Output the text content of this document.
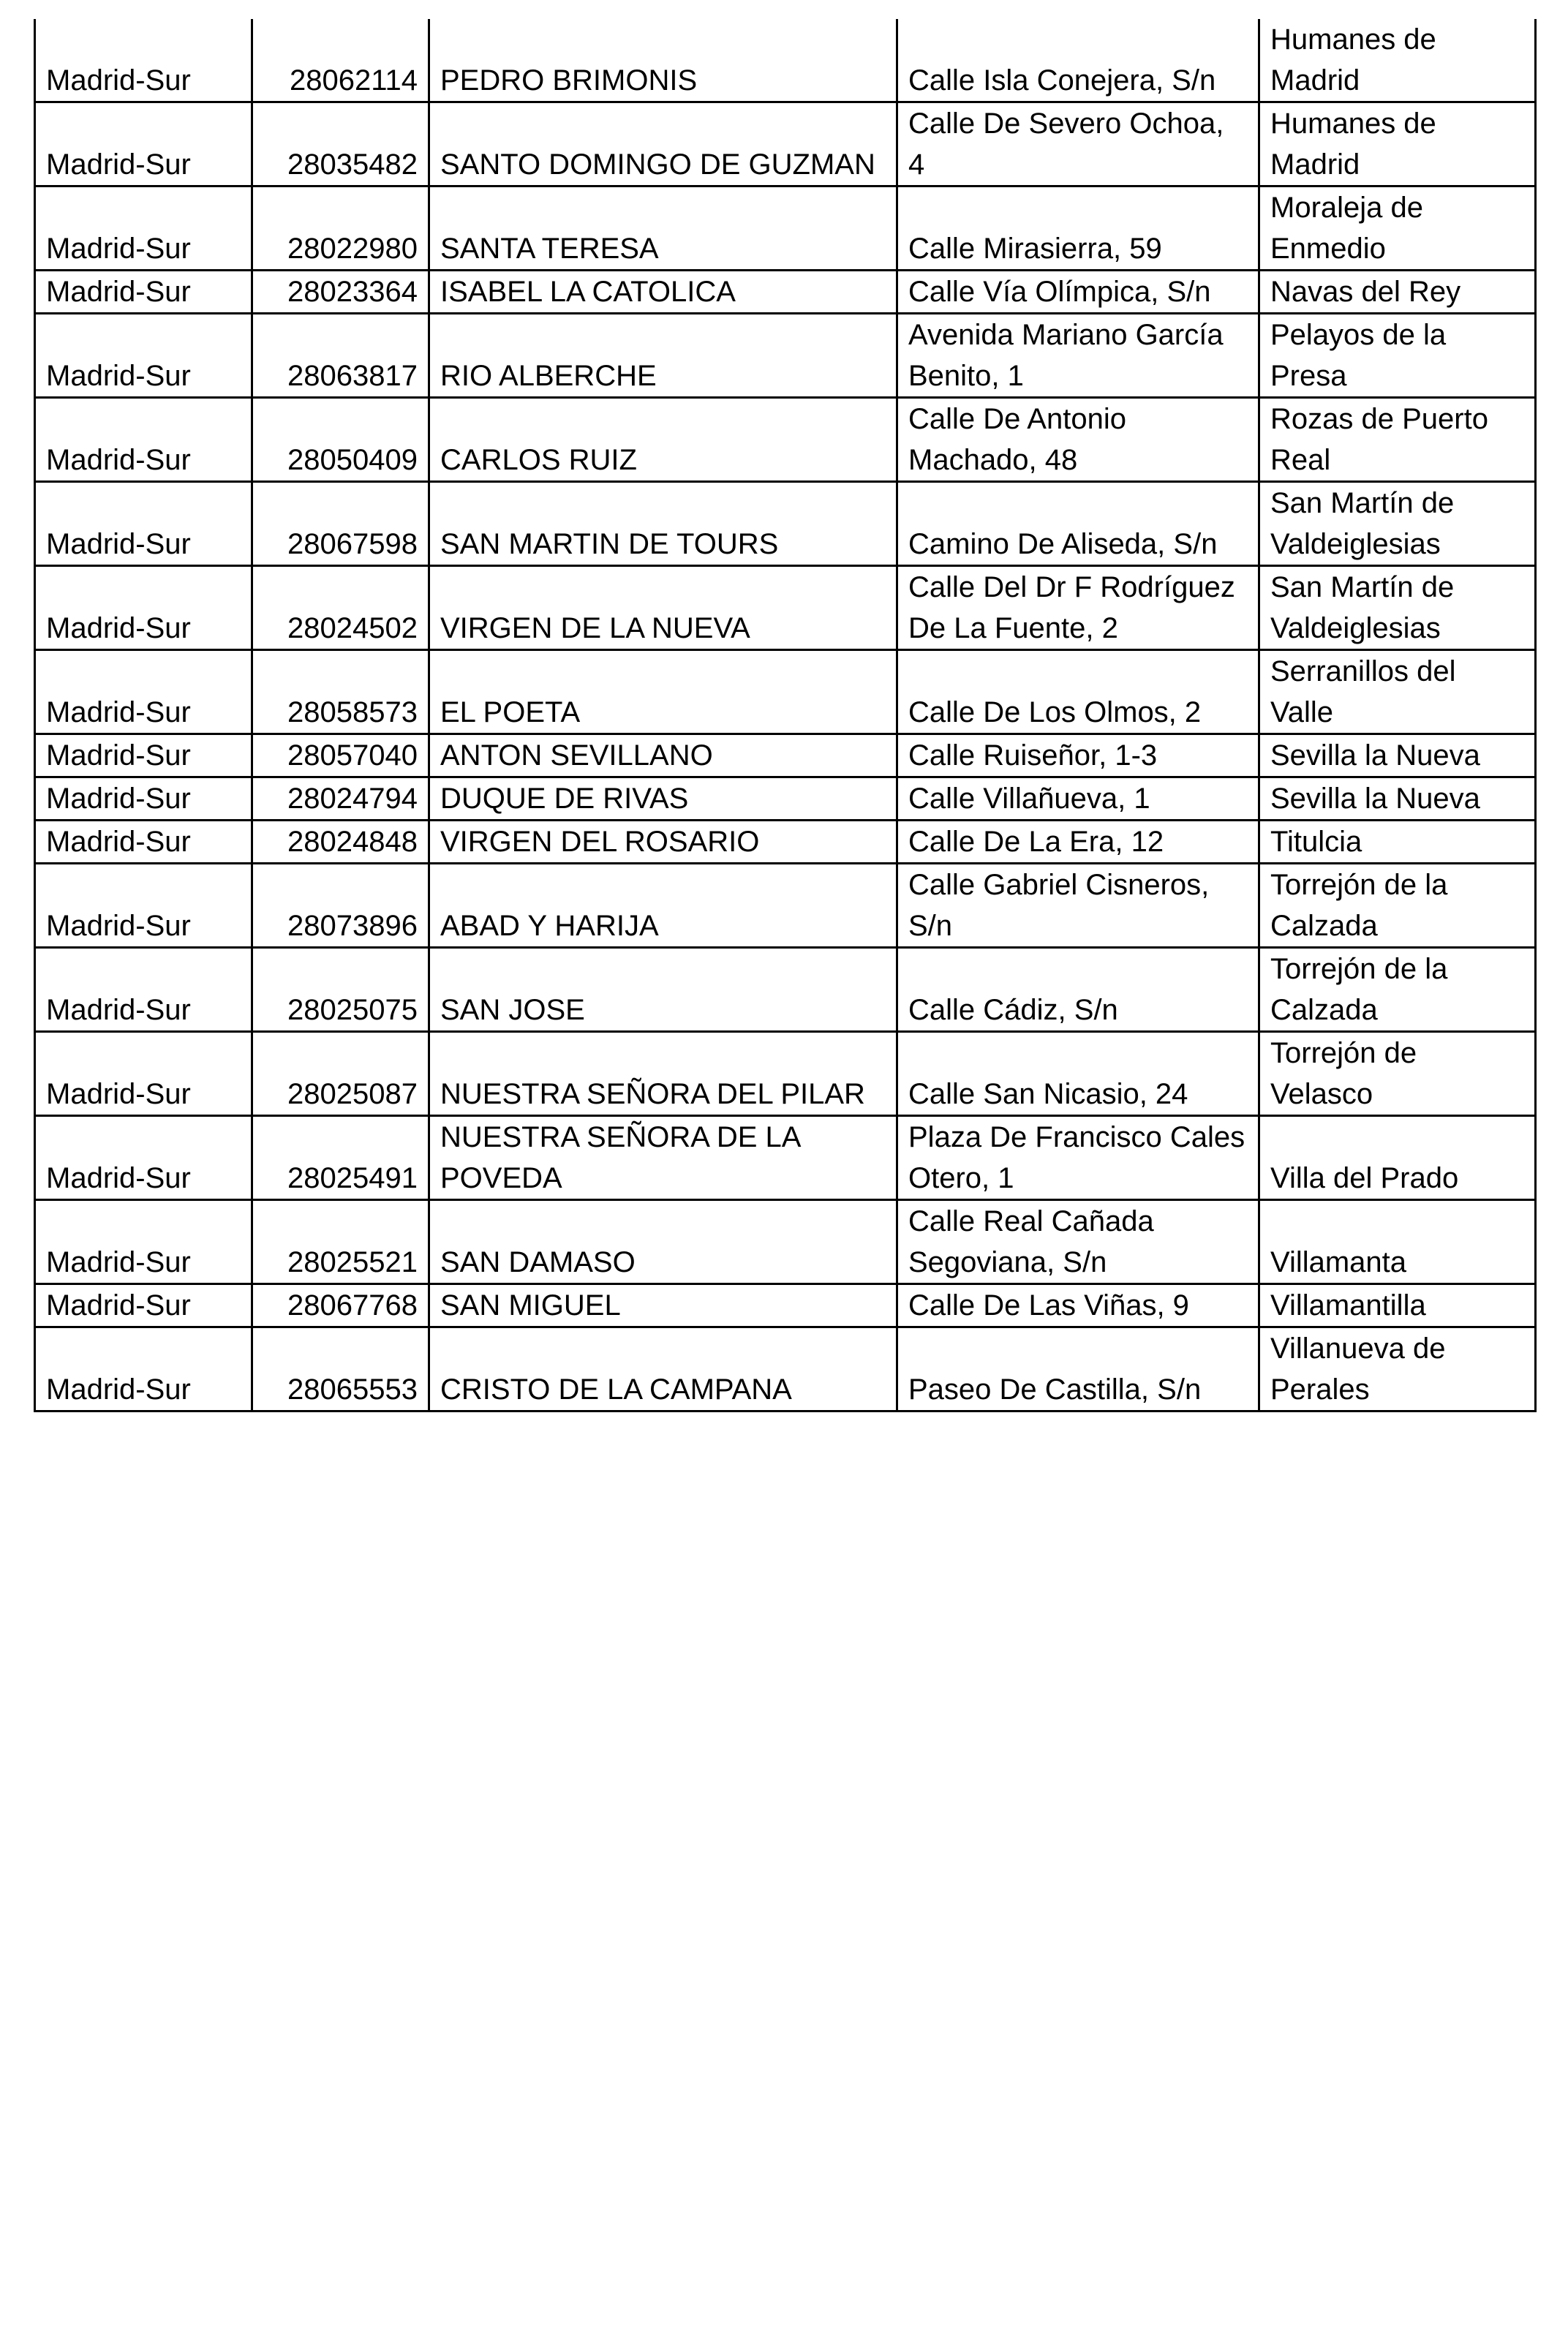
Madrid-Sur	28062114	PEDRO BRIMONIS	Calle Isla Conejera, S/n	Humanes de
Madrid
Madrid-Sur	28035482	SANTO DOMINGO DE GUZMAN	Calle De Severo Ochoa,
4	Humanes de
Madrid
Madrid-Sur	28022980	SANTA TERESA	Calle Mirasierra, 59	Moraleja de
Enmedio
Madrid-Sur	28023364	ISABEL LA CATOLICA	Calle Vía Olímpica, S/n	Navas del Rey
Madrid-Sur	28063817	RIO ALBERCHE	Avenida Mariano García
Benito, 1	Pelayos de la
Presa
Madrid-Sur	28050409	CARLOS RUIZ	Calle De Antonio
Machado, 48	Rozas de Puerto
Real
Madrid-Sur	28067598	SAN MARTIN DE TOURS	Camino De Aliseda, S/n	San Martín de
Valdeiglesias
Madrid-Sur	28024502	VIRGEN DE LA NUEVA	Calle Del Dr F Rodríguez
De La Fuente, 2	San Martín de
Valdeiglesias
Madrid-Sur	28058573	EL POETA	Calle De Los Olmos, 2	Serranillos del
Valle
Madrid-Sur	28057040	ANTON SEVILLANO	Calle Ruiseñor, 1-3	Sevilla la Nueva
Madrid-Sur	28024794	DUQUE DE RIVAS	Calle Villañueva, 1	Sevilla la Nueva
Madrid-Sur	28024848	VIRGEN DEL ROSARIO	Calle De La Era, 12	Titulcia
Madrid-Sur	28073896	ABAD Y HARIJA	Calle Gabriel Cisneros,
S/n	Torrejón de la
Calzada
Madrid-Sur	28025075	SAN JOSE	Calle Cádiz, S/n	Torrejón de la
Calzada
Madrid-Sur	28025087	NUESTRA SEÑORA DEL PILAR	Calle San Nicasio, 24	Torrejón de
Velasco
Madrid-Sur	28025491	NUESTRA SEÑORA DE LA
POVEDA	Plaza De Francisco Cales
Otero, 1	Villa del Prado
Madrid-Sur	28025521	SAN DAMASO	Calle Real Cañada
Segoviana, S/n	Villamanta
Madrid-Sur	28067768	SAN MIGUEL	Calle De Las Viñas, 9	Villamantilla
Madrid-Sur	28065553	CRISTO DE LA CAMPANA	Paseo De Castilla, S/n	Villanueva de
Perales
